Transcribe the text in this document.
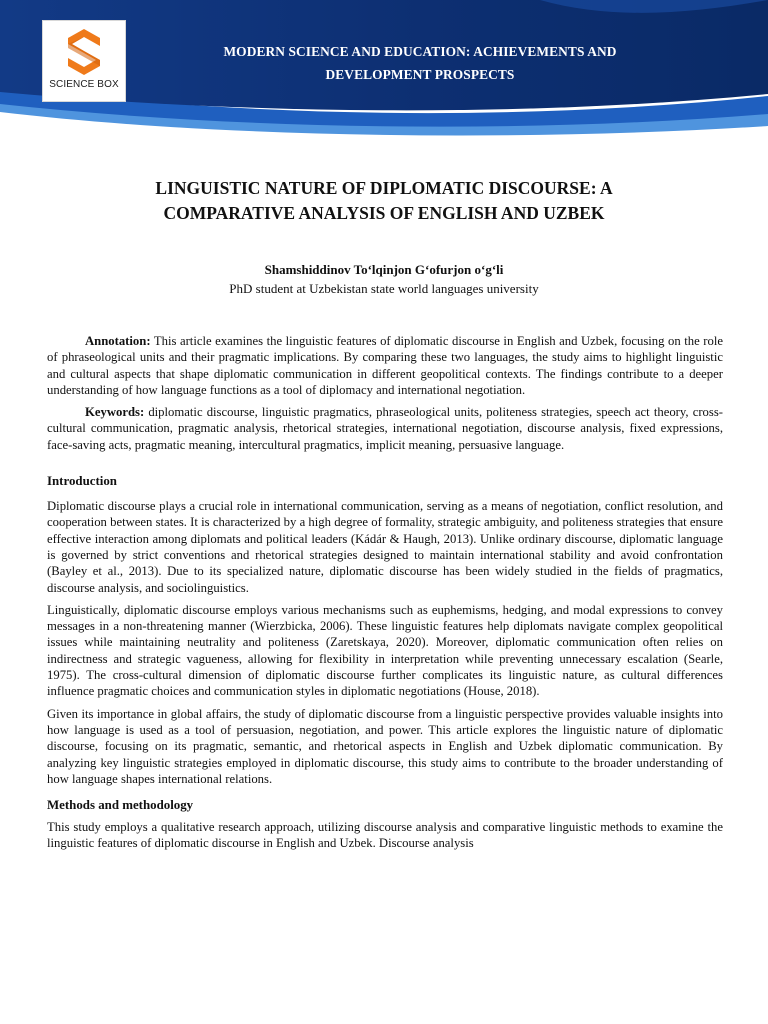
SCIENCE BOX
MODERN SCIENCE AND EDUCATION: ACHIEVEMENTS AND
DEVELOPMENT PROSPECTS
LINGUISTIC NATURE OF DIPLOMATIC DISCOURSE: A
COMPARATIVE ANALYSIS OF ENGLISH AND UZBEK
Shamshiddinov To‘lqinjon G‘ofurjon o‘g‘li
PhD student at Uzbekistan state world languages university

Annotation: This article examines the linguistic features of diplomatic discourse in English and Uzbek, focusing on the role of phraseological units and their pragmatic implications. By comparing these two languages, the study aims to highlight linguistic and cultural aspects that shape diplomatic communication in different geopolitical contexts. The findings contribute to a deeper understanding of how language functions as a tool of diplomacy and international negotiation.

Keywords: diplomatic discourse, linguistic pragmatics, phraseological units, politeness strategies, speech act theory, cross-cultural communication, pragmatic analysis, rhetorical strategies, international negotiation, discourse analysis, fixed expressions, face-saving acts, pragmatic meaning, intercultural pragmatics, implicit meaning, persuasive language.

Introduction

Diplomatic discourse plays a crucial role in international communication, serving as a means of negotiation, conflict resolution, and cooperation between states. It is characterized by a high degree of formality, strategic ambiguity, and politeness strategies that ensure effective interaction among diplomats and political leaders (Kádár & Haugh, 2013). Unlike ordinary discourse, diplomatic language is governed by strict conventions and rhetorical strategies designed to maintain international stability and avoid confrontation (Bayley et al., 2013). Due to its specialized nature, diplomatic discourse has been widely studied in the fields of pragmatics, discourse analysis, and sociolinguistics.

Linguistically, diplomatic discourse employs various mechanisms such as euphemisms, hedging, and modal expressions to convey messages in a non-threatening manner (Wierzbicka, 2006). These linguistic features help diplomats navigate complex geopolitical issues while maintaining neutrality and politeness (Zaretskaya, 2020). Moreover, diplomatic communication often relies on indirectness and strategic vagueness, allowing for flexibility in interpretation while preventing unnecessary escalation (Searle, 1975). The cross-cultural dimension of diplomatic discourse further complicates its linguistic nature, as cultural differences influence pragmatic choices and communication styles in diplomatic negotiations (House, 2018).

Given its importance in global affairs, the study of diplomatic discourse from a linguistic perspective provides valuable insights into how language is used as a tool of persuasion, negotiation, and power. This article explores the linguistic nature of diplomatic discourse, focusing on its pragmatic, semantic, and rhetorical aspects in English and Uzbek diplomatic communication. By analyzing key linguistic strategies employed in diplomatic discourse, this study aims to contribute to the broader understanding of how language shapes international relations.

Methods and methodology

This study employs a qualitative research approach, utilizing discourse analysis and comparative linguistic methods to examine the linguistic features of diplomatic discourse in English and Uzbek. Discourse analysis
